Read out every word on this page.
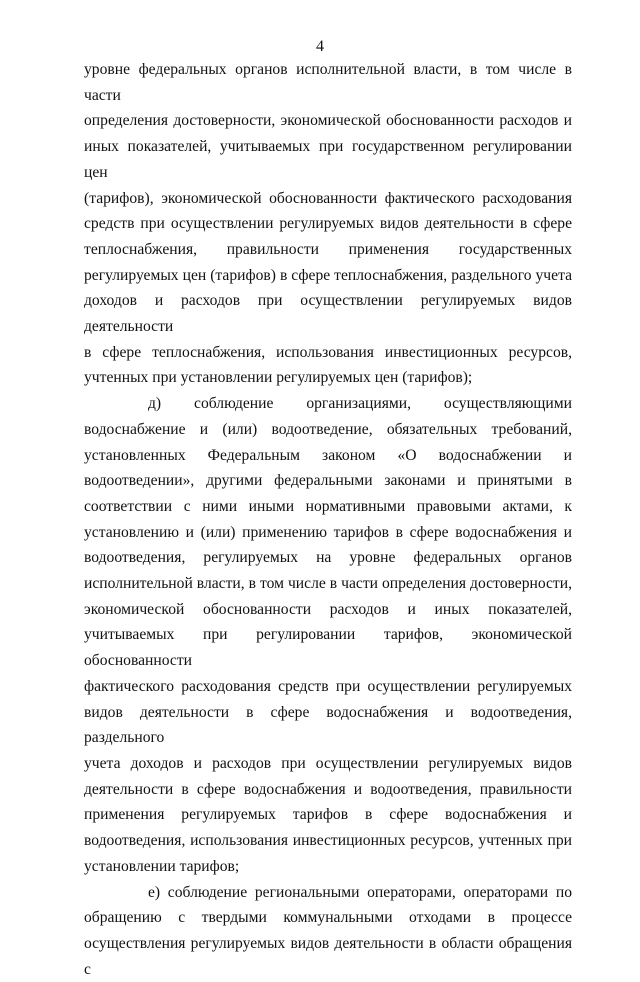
4

уровне федеральных органов исполнительной власти, в том числе в части

определения достоверности, экономической обоснованности расходов и

иных показателей, учитываемых при государственном регулировании цен

(тарифов), экономической обоснованности фактического расходования

средств при осуществлении регулируемых видов деятельности в сфере

теплоснабжения, правильности применения государственных

регулируемых цен (тарифов) в сфере теплоснабжения, раздельного учета

доходов и расходов при осуществлении регулируемых видов деятельности

в сфере теплоснабжения, использования инвестиционных ресурсов,

учтенных при установлении регулируемых цен (тарифов);

д) соблюдение организациями, осуществляющими

водоснабжение и (или) водоотведение, обязательных требований,

установленных Федеральным законом «О водоснабжении и

водоотведении», другими федеральными законами и принятыми в

соответствии с ними иными нормативными правовыми актами, к

установлению и (или) применению тарифов в сфере водоснабжения и

водоотведения, регулируемых на уровне федеральных органов

исполнительной власти, в том числе в части определения достоверности,

экономической обоснованности расходов и иных показателей,

учитываемых при регулировании тарифов, экономической обоснованности

фактического расходования средств при осуществлении регулируемых

видов деятельности в сфере водоснабжения и водоотведения, раздельного

учета доходов и расходов при осуществлении регулируемых видов

деятельности в сфере водоснабжения и водоотведения, правильности

применения регулируемых тарифов в сфере водоснабжения и

водоотведения, использования инвестиционных ресурсов, учтенных при

установлении тарифов;

е) соблюдение региональными операторами, операторами по

обращению с твердыми коммунальными отходами в процессе

осуществления регулируемых видов деятельности в области обращения с
